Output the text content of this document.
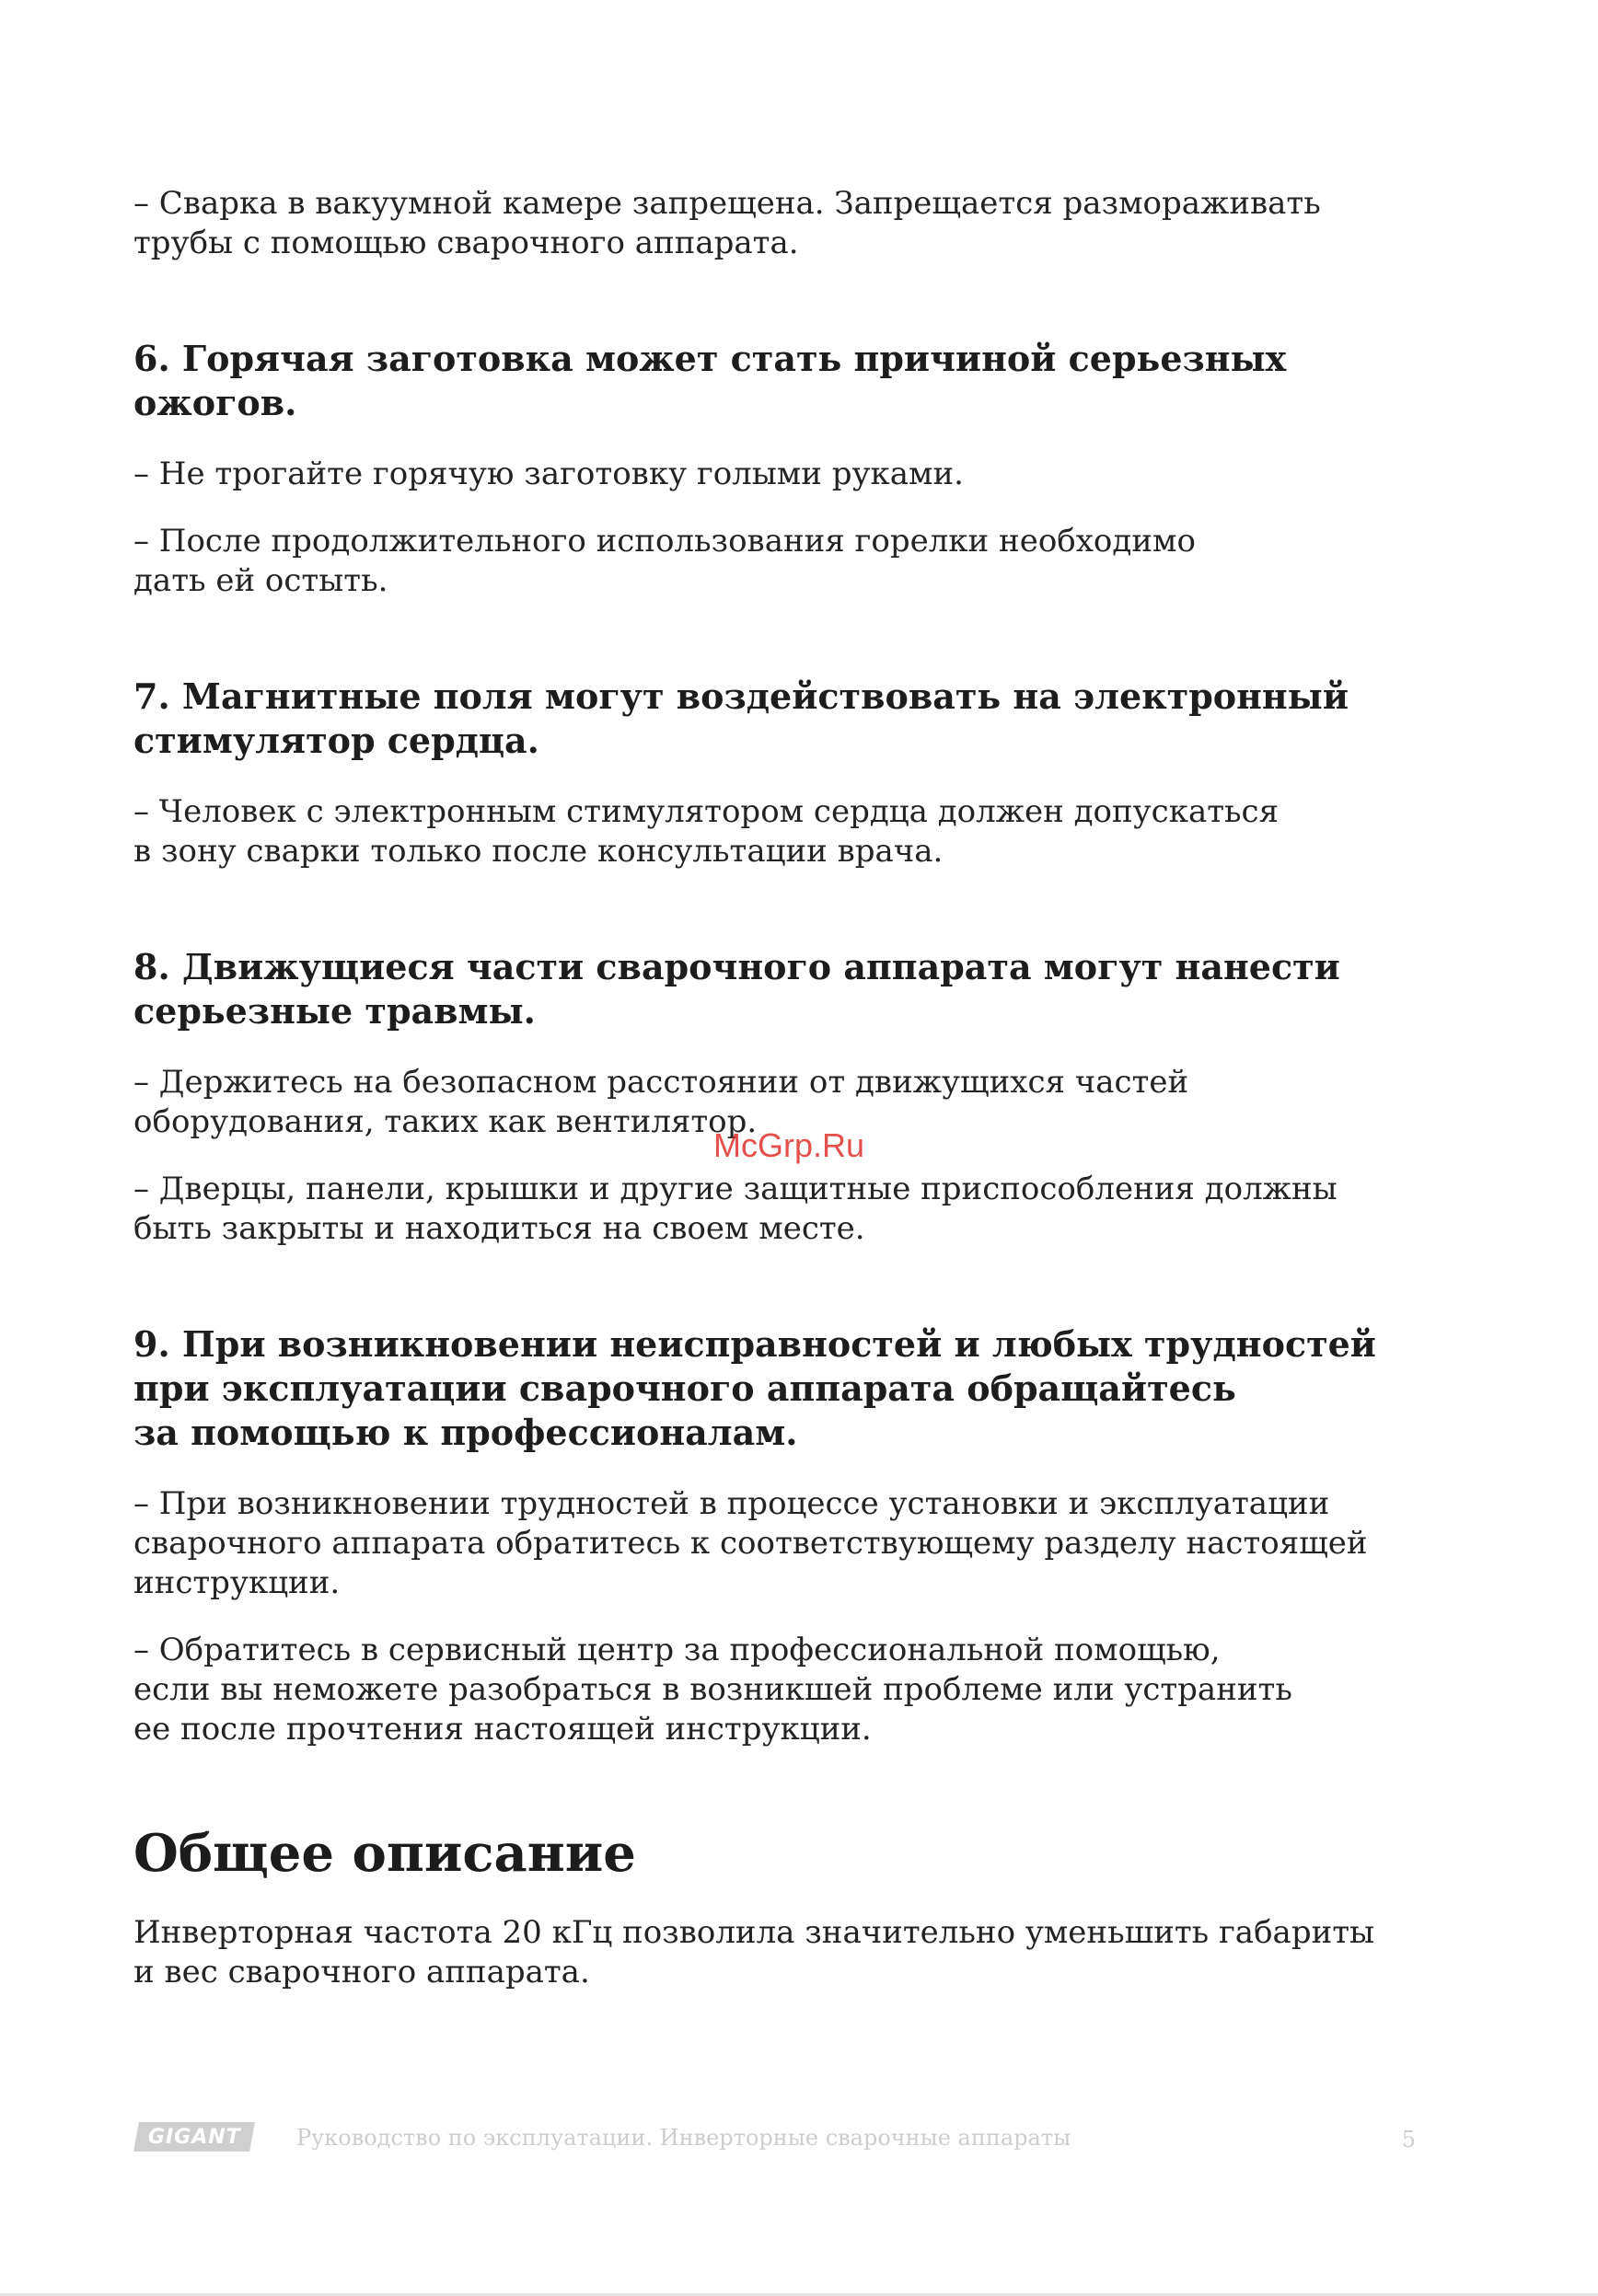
– Сварка в вакуумной камере запрещена. Запрещается размораживать
трубы с помощью сварочного аппарата.

6. Горячая заготовка может стать причиной серьезных ожогов.

– Не трогайте горячую заготовку голыми руками.

– После продолжительного использования горелки необходимо
дать ей остыть.

7. Магнитные поля могут воздействовать на электронный
стимулятор сердца.

– Человек с электронным стимулятором сердца должен допускаться
в зону сварки только после консультации врача.

8. Движущиеся части сварочного аппарата могут нанести
серьезные травмы.

– Держитесь на безопасном расстоянии от движущихся частей
оборудования, таких как вентилятор.

– Дверцы, панели, крышки и другие защитные приспособления должны
быть закрыты и находиться на своем месте.

9. При возникновении неисправностей и любых трудностей
при эксплуатации сварочного аппарата обращайтесь
за помощью к профессионалам.

– При возникновении трудностей в процессе установки и эксплуатации
сварочного аппарата обратитесь к соответствующему разделу настоящей
инструкции.

– Обратитесь в сервисный центр за профессиональной помощью,
если вы неможете разобраться в возникшей проблеме или устранить
ее после прочтения настоящей инструкции.

Общее описание

Инверторная частота 20 кГц позволила значительно уменьшить габариты
и вес сварочного аппарата.

McGrp.Ru
GIGANT	Руководство по эксплуатации. Инверторные сварочные аппараты	5
